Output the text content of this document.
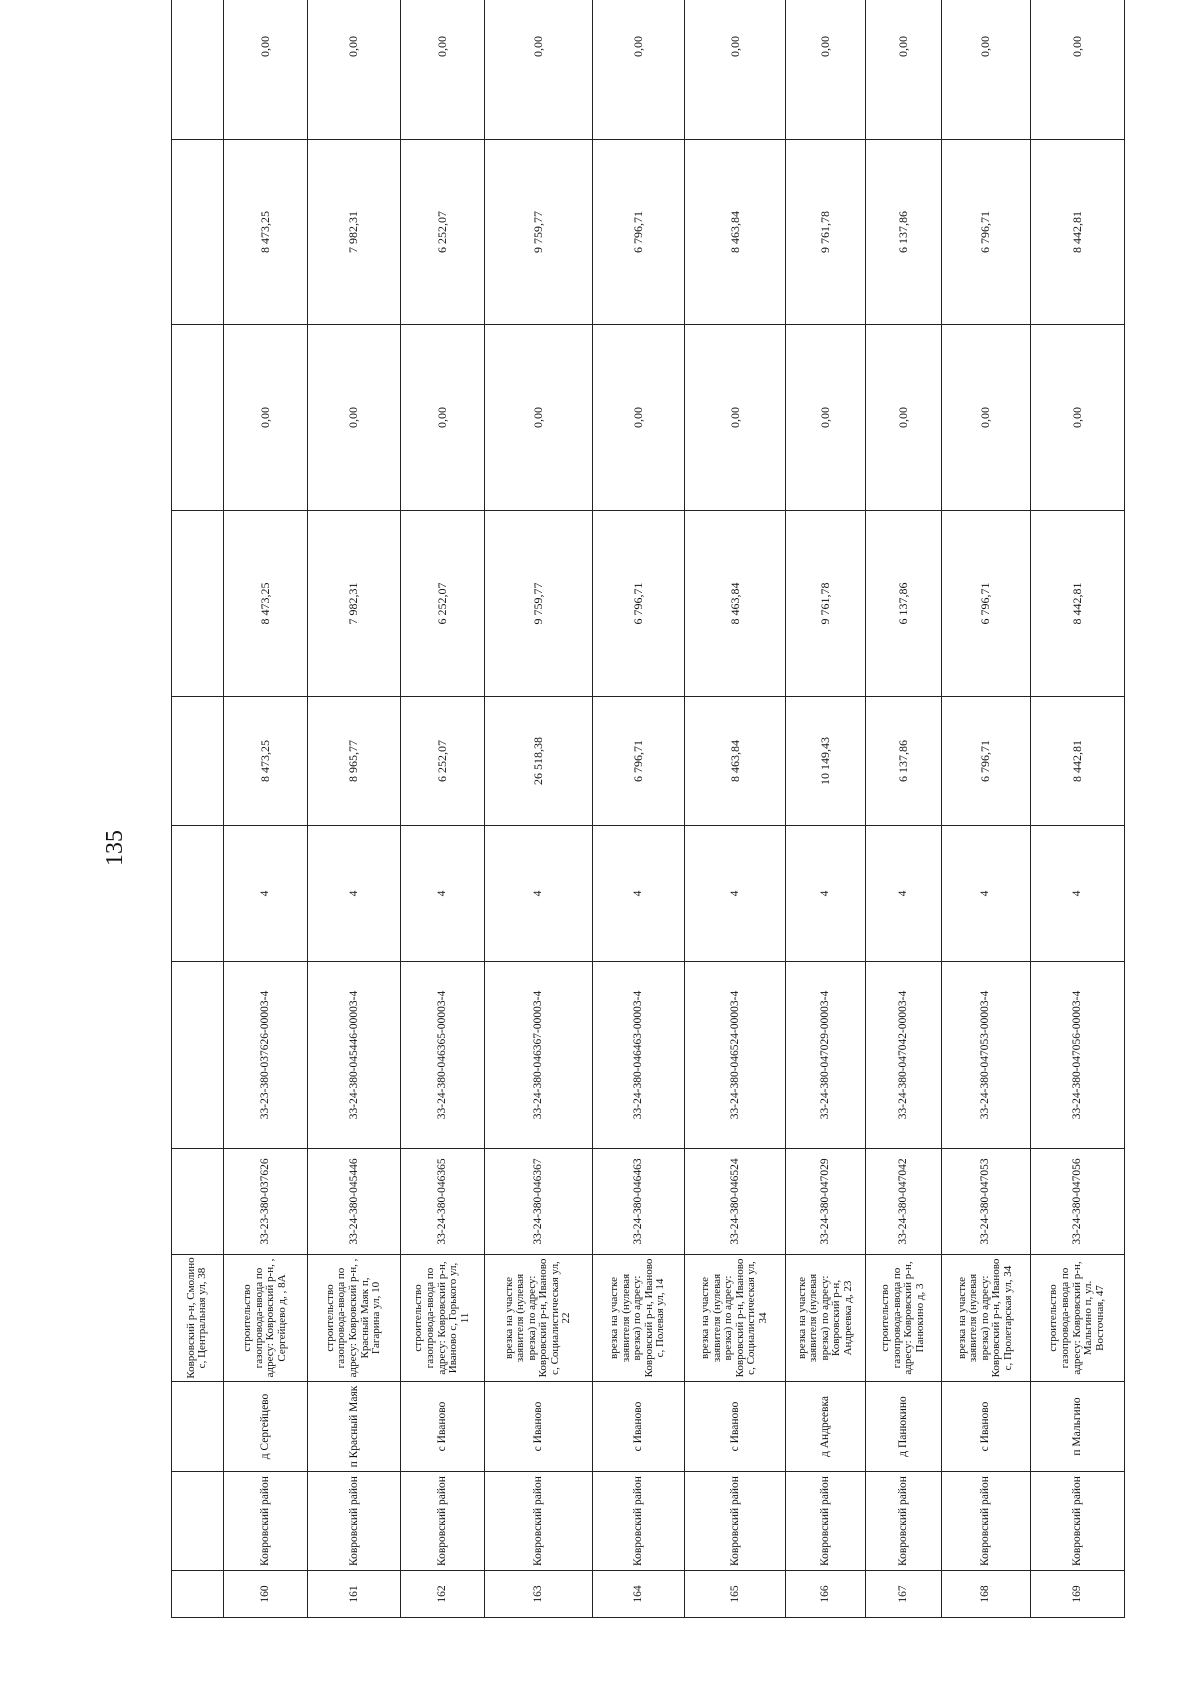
135
			Ковровский р-н, Смолино с, Центральная ул, 38									
160	Ковровский район	д Сергейцево	строительство газопровода-ввода по адресу: Ковровский р-н, , Сергейцево д, , 8А	33-23-380-037626	33-23-380-037626-00003-4	4	8 473,25	8 473,25	0,00	8 473,25	0,00	
161	Ковровский район	п Красный Маяк	строительство газопровода-ввода по адресу: Ковровский р-н, , Красный Маяк п, Гагарина ул, 10	33-24-380-045446	33-24-380-045446-00003-4	4	8 965,77	7 982,31	0,00	7 982,31	0,00	
162	Ковровский район	с Иваново	строительство газопровода-ввода по адресу: Ковровский р-н, Иваново с, Горького ул, 11	33-24-380-046365	33-24-380-046365-00003-4	4	6 252,07	6 252,07	0,00	6 252,07	0,00	
163	Ковровский район	с Иваново	врезка на участке заявителя (нулевая врезка) по адресу: Ковровский р-н, Иваново с, Социалистическая ул, 22	33-24-380-046367	33-24-380-046367-00003-4	4	26 518,38	9 759,77	0,00	9 759,77	0,00	
164	Ковровский район	с Иваново	врезка на участке заявителя (нулевая врезка) по адресу: Ковровский р-н, Иваново с, Полевая ул, 14	33-24-380-046463	33-24-380-046463-00003-4	4	6 796,71	6 796,71	0,00	6 796,71	0,00	
165	Ковровский район	с Иваново	врезка на участке заявителя (нулевая врезка) по адресу: Ковровский р-н, Иваново с, Социалистическая ул, 34	33-24-380-046524	33-24-380-046524-00003-4	4	8 463,84	8 463,84	0,00	8 463,84	0,00	
166	Ковровский район	д Андреевка	врезка на участке заявителя (нулевая врезка) по адресу: Ковровский р-н, Андреевка д, 23	33-24-380-047029	33-24-380-047029-00003-4	4	10 149,43	9 761,78	0,00	9 761,78	0,00	
167	Ковровский район	д Панюкино	строительство газопровода-ввода по адресу: Ковровский р-н, Панюкино д, 3	33-24-380-047042	33-24-380-047042-00003-4	4	6 137,86	6 137,86	0,00	6 137,86	0,00	
168	Ковровский район	с Иваново	врезка на участке заявителя (нулевая врезка) по адресу: Ковровский р-н, Иваново с, Пролетарская ул, 34	33-24-380-047053	33-24-380-047053-00003-4	4	6 796,71	6 796,71	0,00	6 796,71	0,00	
169	Ковровский район	п Мальгино	строительство газопровода-ввода по адресу: Ковровский р-н, Мальгино п, ул. Восточная, 47	33-24-380-047056	33-24-380-047056-00003-4	4	8 442,81	8 442,81	0,00	8 442,81	0,00	
